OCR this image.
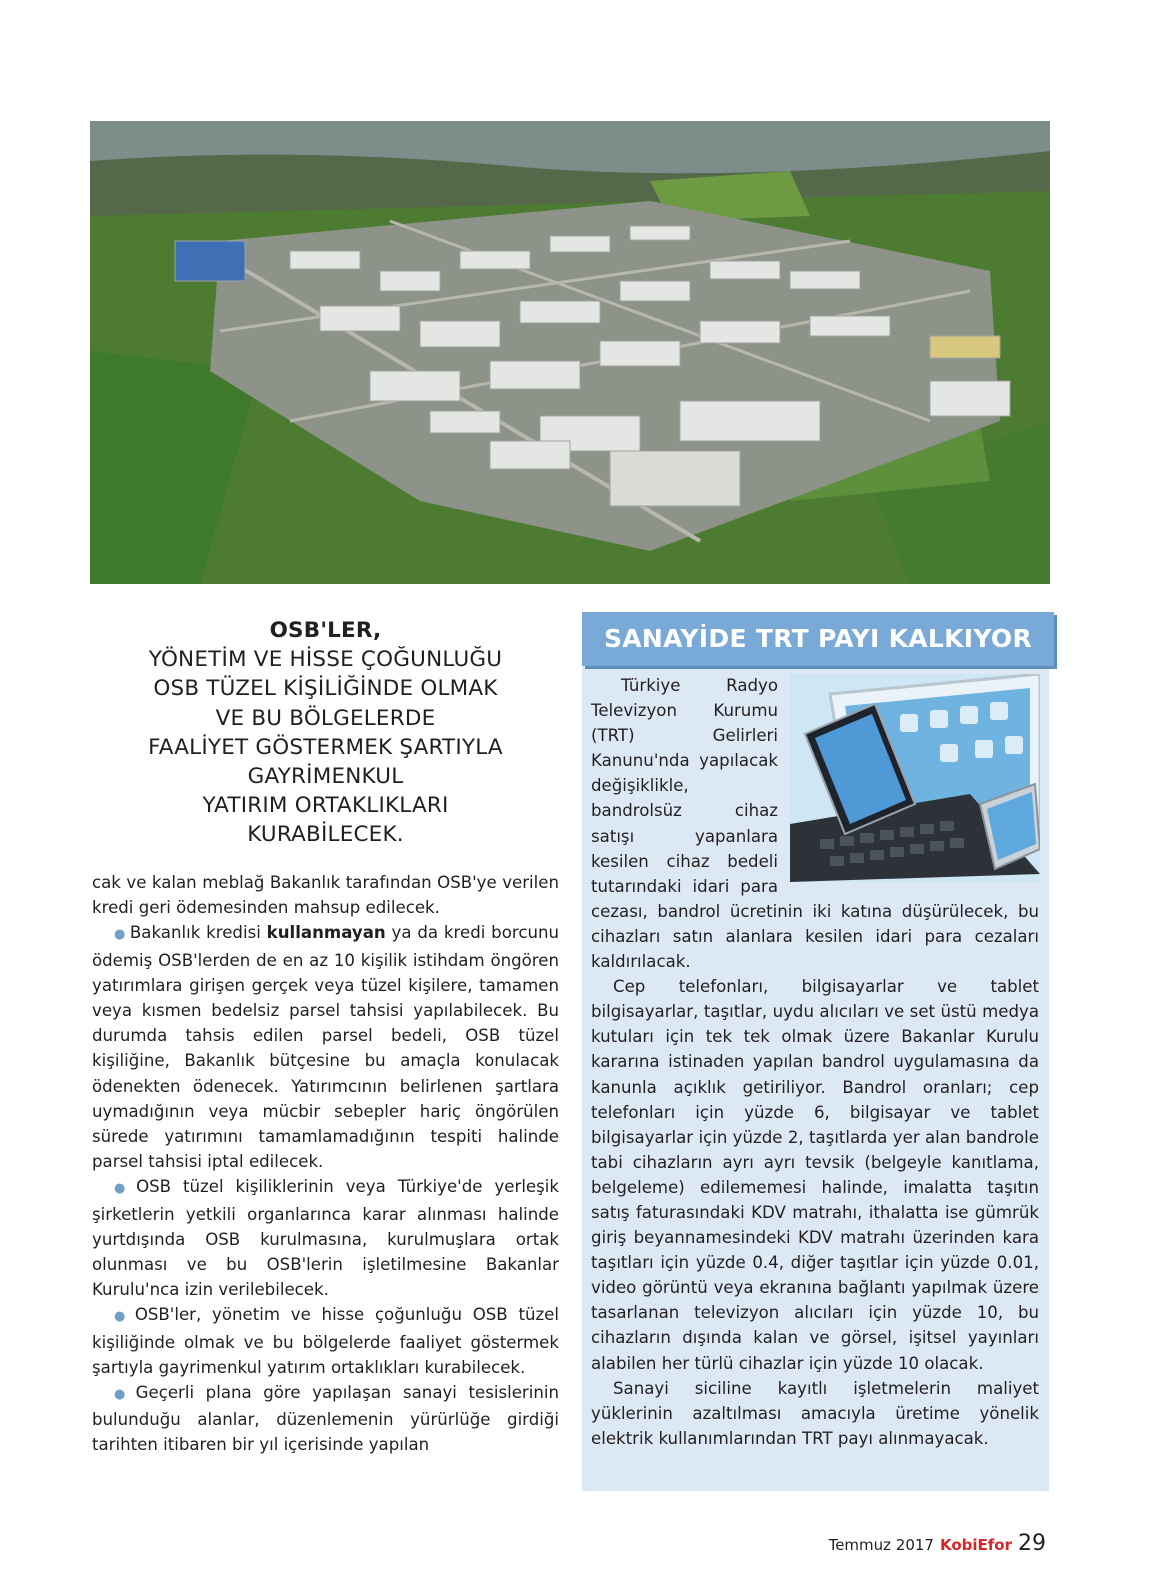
OSB'LER,
YÖNETİM VE HİSSE ÇOĞUNLUĞU
OSB TÜZEL KİŞİLİĞİNDE OLMAK
VE BU BÖLGELERDE
FAALİYET GÖSTERMEK ŞARTIYLA
GAYRİMENKUL
YATIRIM ORTAKLIKLARI
KURABİLECEK.
cak ve kalan meblağ Bakanlık tarafından OSB'ye verilen kredi geri ödemesinden mahsup edilecek.
● Bakanlık kredisi kullanmayan ya da kredi borcunu ödemiş OSB'lerden de en az 10 kişilik istihdam öngören yatırımlara girişen gerçek veya tüzel kişilere, tamamen veya kısmen bedelsiz parsel tahsisi yapılabilecek. Bu durumda tahsis edilen parsel bedeli, OSB tüzel kişiliğine, Bakanlık bütçesine bu amaçla konulacak ödenekten ödenecek. Yatırımcının belirlenen şartlara uymadığının veya mücbir sebepler hariç öngörülen sürede yatırımını tamamlamadığının tespiti halinde parsel tahsisi iptal edilecek.
● OSB tüzel kişiliklerinin veya Türkiye'de yerleşik şirketlerin yetkili organlarınca karar alınması halinde yurtdışında OSB kurulmasına, kurulmuşlara ortak olunması ve bu OSB'lerin işletilmesine Bakanlar Kurulu'nca izin verilebilecek.
● OSB'ler, yönetim ve hisse çoğunluğu OSB tüzel kişiliğinde olmak ve bu bölgelerde faaliyet göstermek şartıyla gayrimenkul yatırım ortaklıkları kurabilecek.
● Geçerli plana göre yapılaşan sanayi tesislerinin bulunduğu alanlar, düzenlemenin yürürlüğe girdiği tarihten itibaren bir yıl içerisinde yapılan
SANAYİDE TRT PAYI KALKIYOR
Türkiye Radyo Televizyon Kurumu (TRT) Gelirleri Kanunu'nda yapılacak değişiklikle, bandrolsüz cihaz satışı yapanlara kesilen cihaz bedeli tutarındaki idari para cezası, bandrol ücretinin iki katına düşürülecek, bu cihazları satın alanlara kesilen idari para cezaları kaldırılacak.
Cep telefonları, bilgisayarlar ve tablet bilgisayarlar, taşıtlar, uydu alıcıları ve set üstü medya kutuları için tek tek olmak üzere Bakanlar Kurulu kararına istinaden yapılan bandrol uygulamasına da kanunla açıklık getiriliyor. Bandrol oranları; cep telefonları için yüzde 6, bilgisayar ve tablet bilgisayarlar için yüzde 2, taşıtlarda yer alan bandrole tabi cihazların ayrı ayrı tevsik (belgeyle kanıtlama, belgeleme) edilememesi halinde, imalatta taşıtın satış faturasındaki KDV matrahı, ithalatta ise gümrük giriş beyannamesindeki KDV matrahı üzerinden kara taşıtları için yüzde 0.4, diğer taşıtlar için yüzde 0.01, video görüntü veya ekranına bağlantı yapılmak üzere tasarlanan televizyon alıcıları için yüzde 10, bu cihazların dışında kalan ve görsel, işitsel yayınları alabilen her türlü cihazlar için yüzde 10 olacak.
Sanayi siciline kayıtlı işletmelerin maliyet yüklerinin azaltılması amacıyla üretime yönelik elektrik kullanımlarından TRT payı alınmayacak.
Temmuz 2017 KobiEfor 29
